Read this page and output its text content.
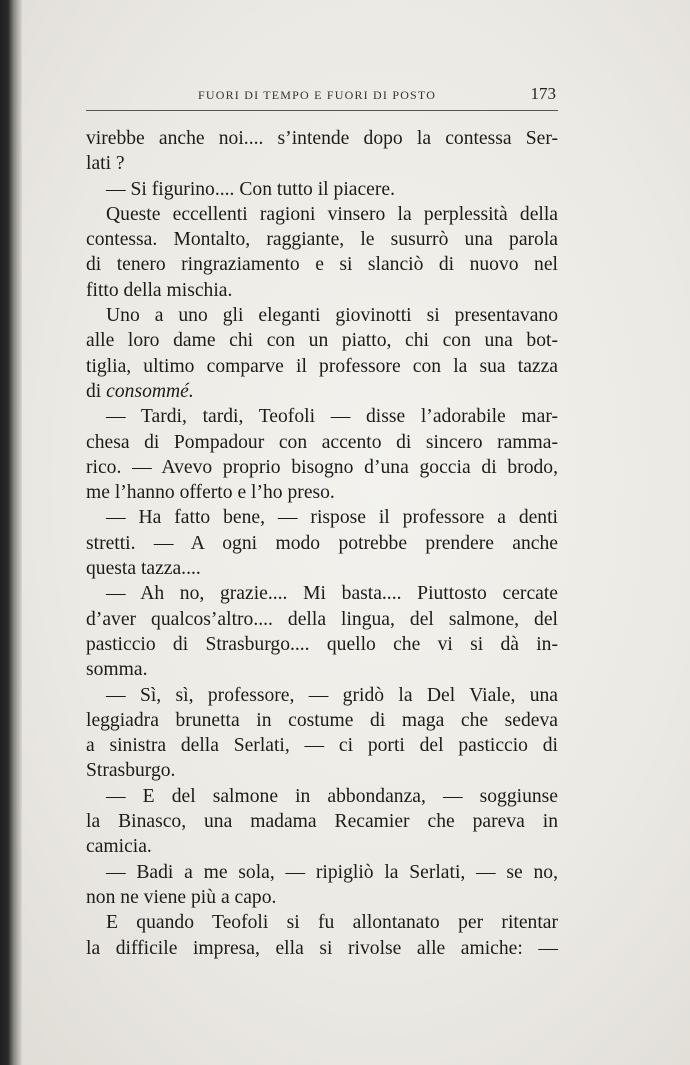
FUORI DI TEMPO E FUORI DI POSTO	173
virebbe anche noi.... s’intende dopo la contessa Ser-
lati ?
— Si figurino.... Con tutto il piacere.
Queste eccellenti ragioni vinsero la perplessità della
contessa. Montalto, raggiante, le susurrò una parola
di tenero ringraziamento e si slanciò di nuovo nel
fitto della mischia.
Uno a uno gli eleganti giovinotti si presentavano
alle loro dame chi con un piatto, chi con una bot-
tiglia, ultimo comparve il professore con la sua tazza
di consommé.
— Tardi, tardi, Teofoli — disse l’adorabile mar-
chesa di Pompadour con accento di sincero ramma-
rico. — Avevo proprio bisogno d’una goccia di brodo,
me l’hanno offerto e l’ho preso.
— Ha fatto bene, — rispose il professore a denti
stretti. — A ogni modo potrebbe prendere anche
questa tazza....
— Ah no, grazie.... Mi basta.... Piuttosto cercate
d’aver qualcos’altro.... della lingua, del salmone, del
pasticcio di Strasburgo.... quello che vi si dà in-
somma.
— Sì, sì, professore, — gridò la Del Viale, una
leggiadra brunetta in costume di maga che sedeva
a sinistra della Serlati, — ci porti del pasticcio di
Strasburgo.
— E del salmone in abbondanza, — soggiunse
la Binasco, una madama Recamier che pareva in
camicia.
— Badi a me sola, — ripigliò la Serlati, — se no,
non ne viene più a capo.
E quando Teofoli si fu allontanato per ritentar
la difficile impresa, ella si rivolse alle amiche: —
